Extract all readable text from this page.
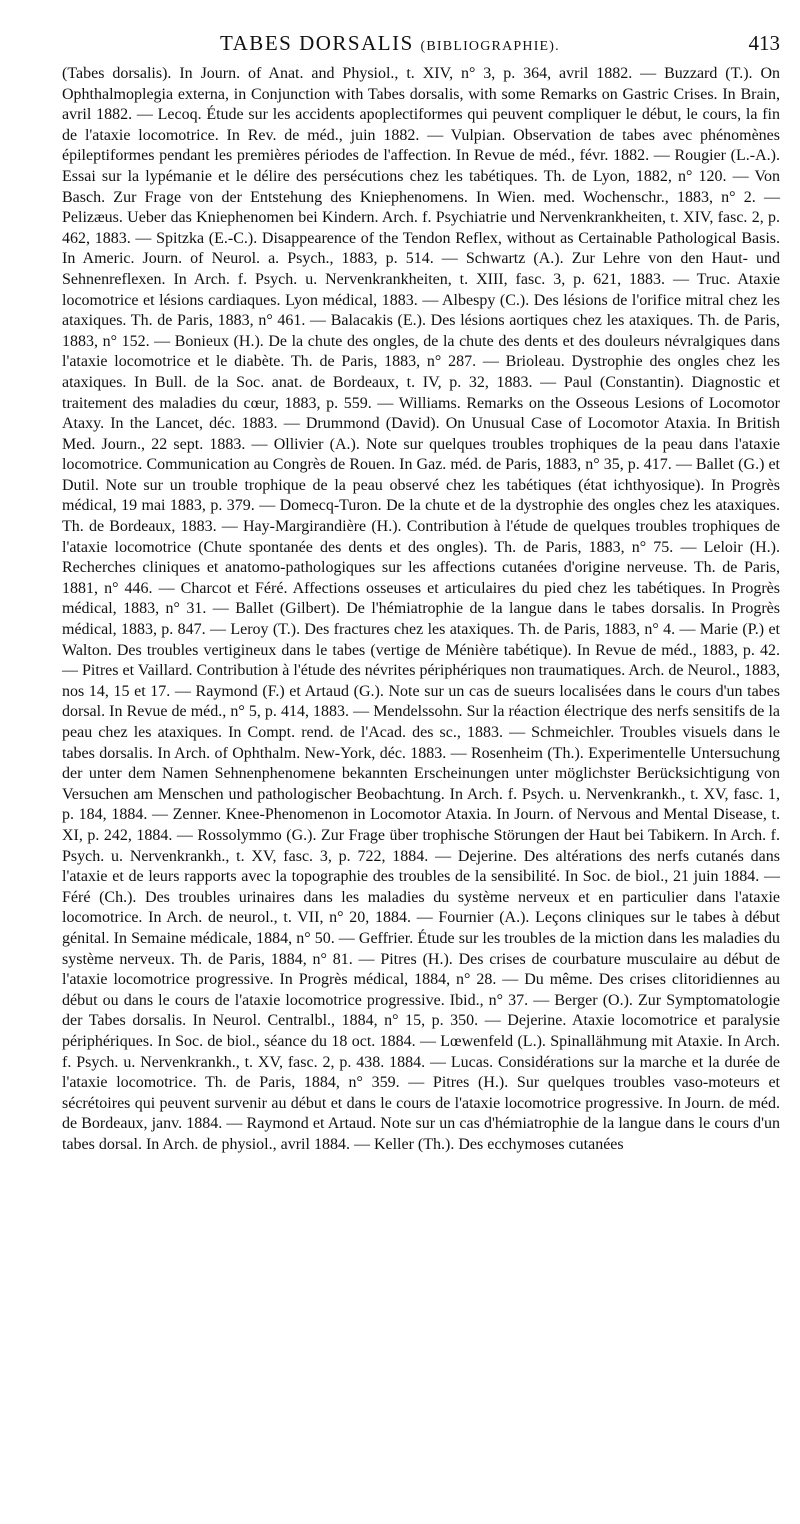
TABES DORSALIS (BIBLIOGRAPHIE).	413

(Tabes dorsalis). In Journ. of Anat. and Physiol., t. XIV, n° 3, p. 364, avril 1882. — Buzzard (T.). On Ophthalmoplegia externa, in Conjunction with Tabes dorsalis, with some Remarks on Gastric Crises. In Brain, avril 1882. — Lecoq. Étude sur les accidents apoplectiformes qui peuvent compliquer le début, le cours, la fin de l'ataxie locomotrice. In Rev. de méd., juin 1882. — Vulpian. Observation de tabes avec phénomènes épileptiformes pendant les premières périodes de l'affection. In Revue de méd., févr. 1882. — Rougier (L.-A.). Essai sur la lypémanie et le délire des persécutions chez les tabétiques. Th. de Lyon, 1882, n° 120. — Von Basch. Zur Frage von der Entstehung des Kniephenomens. In Wien. med. Wochenschr., 1883, n° 2. — Pelizæus. Ueber das Kniephenomen bei Kindern. Arch. f. Psychiatrie und Nervenkrankheiten, t. XIV, fasc. 2, p. 462, 1883. — Spitzka (E.-C.). Disappearence of the Tendon Reflex, without as Certainable Pathological Basis. In Americ. Journ. of Neurol. a. Psych., 1883, p. 514. — Schwartz (A.). Zur Lehre von den Haut- und Sehnenreflexen. In Arch. f. Psych. u. Nervenkrankheiten, t. XIII, fasc. 3, p. 621, 1883. — Truc. Ataxie locomotrice et lésions cardiaques. Lyon médical, 1883. — Albespy (C.). Des lésions de l'orifice mitral chez les ataxiques. Th. de Paris, 1883, n° 461. — Balacakis (E.). Des lésions aortiques chez les ataxiques. Th. de Paris, 1883, n° 152. — Bonieux (H.). De la chute des ongles, de la chute des dents et des douleurs névralgiques dans l'ataxie locomotrice et le diabète. Th. de Paris, 1883, n° 287. — Brioleau. Dystrophie des ongles chez les ataxiques. In Bull. de la Soc. anat. de Bordeaux, t. IV, p. 32, 1883. — Paul (Constantin). Diagnostic et traitement des maladies du cœur, 1883, p. 559. — Williams. Remarks on the Osseous Lesions of Locomotor Ataxy. In the Lancet, déc. 1883. — Drummond (David). On Unusual Case of Locomotor Ataxia. In British Med. Journ., 22 sept. 1883. — Ollivier (A.). Note sur quelques troubles trophiques de la peau dans l'ataxie locomotrice. Communication au Congrès de Rouen. In Gaz. méd. de Paris, 1883, n° 35, p. 417. — Ballet (G.) et Dutil. Note sur un trouble trophique de la peau observé chez les tabétiques (état ichthyosique). In Progrès médical, 19 mai 1883, p. 379. — Domecq-Turon. De la chute et de la dystrophie des ongles chez les ataxiques. Th. de Bordeaux, 1883. — Hay-Margirandière (H.). Contribution à l'étude de quelques troubles trophiques de l'ataxie locomotrice (Chute spontanée des dents et des ongles). Th. de Paris, 1883, n° 75. — Leloir (H.). Recherches cliniques et anatomo-pathologiques sur les affections cutanées d'origine nerveuse. Th. de Paris, 1881, n° 446. — Charcot et Féré. Affections osseuses et articulaires du pied chez les tabétiques. In Progrès médical, 1883, n° 31. — Ballet (Gilbert). De l'hémiatrophie de la langue dans le tabes dorsalis. In Progrès médical, 1883, p. 847. — Leroy (T.). Des fractures chez les ataxiques. Th. de Paris, 1883, n° 4. — Marie (P.) et Walton. Des troubles vertigineux dans le tabes (vertige de Ménière tabétique). In Revue de méd., 1883, p. 42. — Pitres et Vaillard. Contribution à l'étude des névrites périphériques non traumatiques. Arch. de Neurol., 1883, nos 14, 15 et 17. — Raymond (F.) et Artaud (G.). Note sur un cas de sueurs localisées dans le cours d'un tabes dorsal. In Revue de méd., n° 5, p. 414, 1883. — Mendelssohn. Sur la réaction électrique des nerfs sensitifs de la peau chez les ataxiques. In Compt. rend. de l'Acad. des sc., 1883. — Schmeichler. Troubles visuels dans le tabes dorsalis. In Arch. of Ophthalm. New-York, déc. 1883. — Rosenheim (Th.). Experimentelle Untersuchung der unter dem Namen Sehnenphenomene bekannten Erscheinungen unter möglichster Berücksichtigung von Versuchen am Menschen und pathologischer Beobachtung. In Arch. f. Psych. u. Nervenkrankh., t. XV, fasc. 1, p. 184, 1884. — Zenner. Knee-Phenomenon in Locomotor Ataxia. In Journ. of Nervous and Mental Disease, t. XI, p. 242, 1884. — Rossolymmo (G.). Zur Frage über trophische Störungen der Haut bei Tabikern. In Arch. f. Psych. u. Nervenkrankh., t. XV, fasc. 3, p. 722, 1884. — Dejerine. Des altérations des nerfs cutanés dans l'ataxie et de leurs rapports avec la topographie des troubles de la sensibilité. In Soc. de biol., 21 juin 1884. — Féré (Ch.). Des troubles urinaires dans les maladies du système nerveux et en particulier dans l'ataxie locomotrice. In Arch. de neurol., t. VII, n° 20, 1884. — Fournier (A.). Leçons cliniques sur le tabes à début génital. In Semaine médicale, 1884, n° 50. — Geffrier. Étude sur les troubles de la miction dans les maladies du système nerveux. Th. de Paris, 1884, n° 81. — Pitres (H.). Des crises de courbature musculaire au début de l'ataxie locomotrice progressive. In Progrès médical, 1884, n° 28. — Du même. Des crises clitoridiennes au début ou dans le cours de l'ataxie locomotrice progressive. Ibid., n° 37. — Berger (O.). Zur Symptomatologie der Tabes dorsalis. In Neurol. Centralbl., 1884, n° 15, p. 350. — Dejerine. Ataxie locomotrice et paralysie périphériques. In Soc. de biol., séance du 18 oct. 1884. — Lœwenfeld (L.). Spinallähmung mit Ataxie. In Arch. f. Psych. u. Nervenkrankh., t. XV, fasc. 2, p. 438. 1884. — Lucas. Considérations sur la marche et la durée de l'ataxie locomotrice. Th. de Paris, 1884, n° 359. — Pitres (H.). Sur quelques troubles vaso-moteurs et sécrétoires qui peuvent survenir au début et dans le cours de l'ataxie locomotrice progressive. In Journ. de méd. de Bordeaux, janv. 1884. — Raymond et Artaud. Note sur un cas d'hémiatrophie de la langue dans le cours d'un tabes dorsal. In Arch. de physiol., avril 1884. — Keller (Th.). Des ecchymoses cutanées
